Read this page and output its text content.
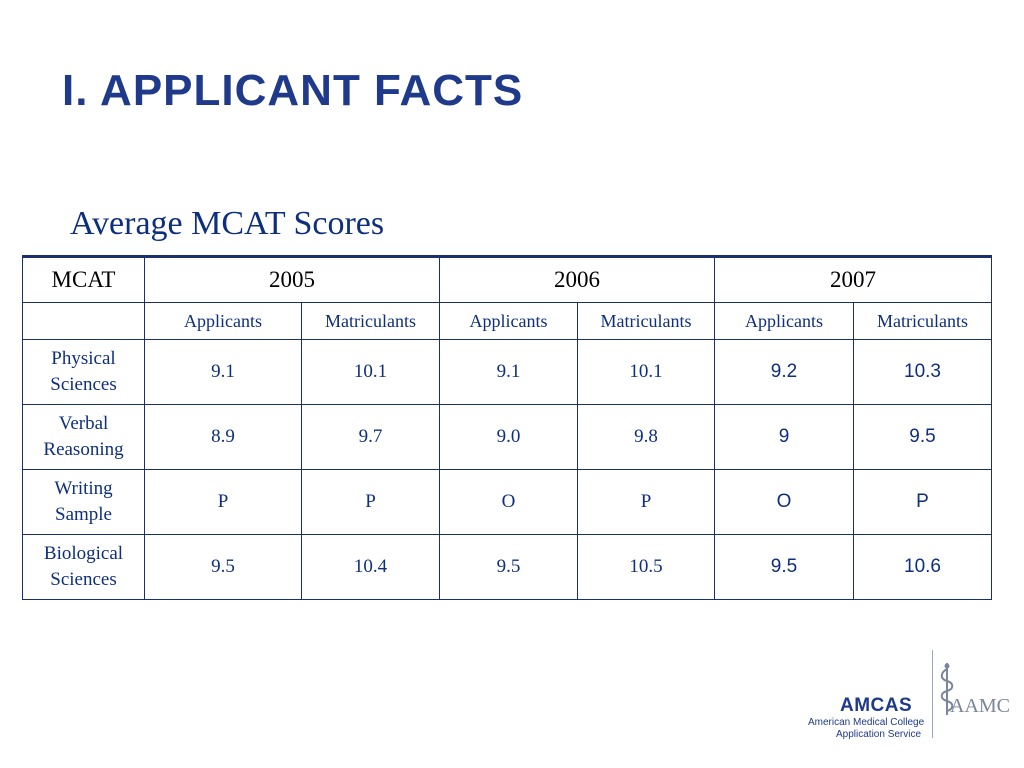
I. APPLICANT FACTS
Average MCAT Scores
MCAT	2005		2006		2007	
	Applicants	Matriculants	Applicants	Matriculants	Applicants	Matriculants
Physical
Sciences	9.1	10.1	9.1	10.1	9.2	10.3
Verbal
Reasoning	8.9	9.7	9.0	9.8	9	9.5
Writing
Sample	P	P	O	P	O	P
Biological
Sciences	9.5	10.4	9.5	10.5	9.5	10.6
AMCAS
American Medical College
Application Service
AAMC
